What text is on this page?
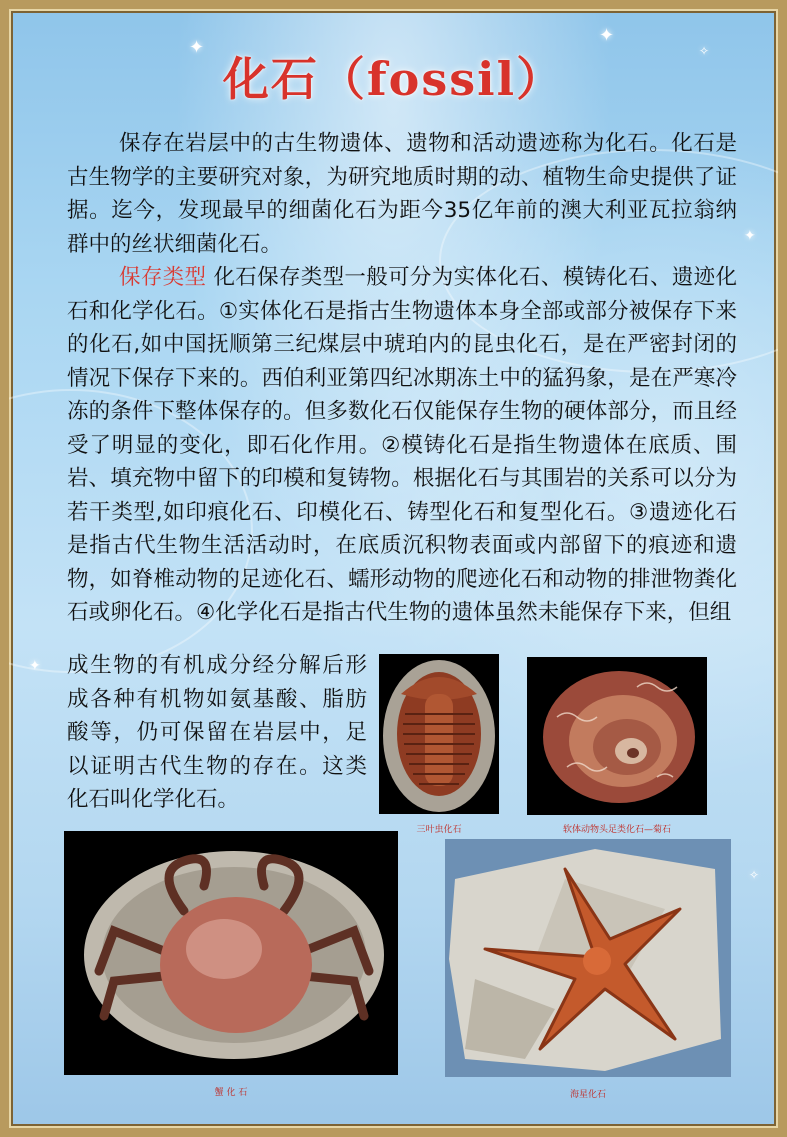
✦
✦
✧
✦
✦
✧
化石（fossil）

保存在岩层中的古生物遗体、遗物和活动遗迹称为化石。化石是古生物学的主要研究对象，为研究地质时期的动、植物生命史提供了证据。迄今，发现最早的细菌化石为距今35亿年前的澳大利亚瓦拉翁纳群中的丝状细菌化石。

保存类型 化石保存类型一般可分为实体化石、模铸化石、遗迹化石和化学化石。①实体化石是指古生物遗体本身全部或部分被保存下来的化石,如中国抚顺第三纪煤层中琥珀内的昆虫化石，是在严密封闭的情况下保存下来的。西伯利亚第四纪冰期冻土中的猛犸象，是在严寒冷冻的条件下整体保存的。但多数化石仅能保存生物的硬体部分，而且经受了明显的变化，即石化作用。②模铸化石是指生物遗体在底质、围岩、填充物中留下的印模和复铸物。根据化石与其围岩的关系可以分为若干类型,如印痕化石、印模化石、铸型化石和复型化石。③遗迹化石是指古代生物生活活动时，在底质沉积物表面或内部留下的痕迹和遗物，如脊椎动物的足迹化石、蠕形动物的爬迹化石和动物的排泄物粪化石或卵化石。④化学化石是指古代生物的遗体虽然未能保存下来，但组

成生物的有机成分经分解后形成各种有机物如氨基酸、脂肪酸等，仍可保留在岩层中，足以证明古代生物的存在。这类化石叫化学化石。

三叶虫化石	软体动物头足类化石—菊石
蟹 化 石	海星化石
